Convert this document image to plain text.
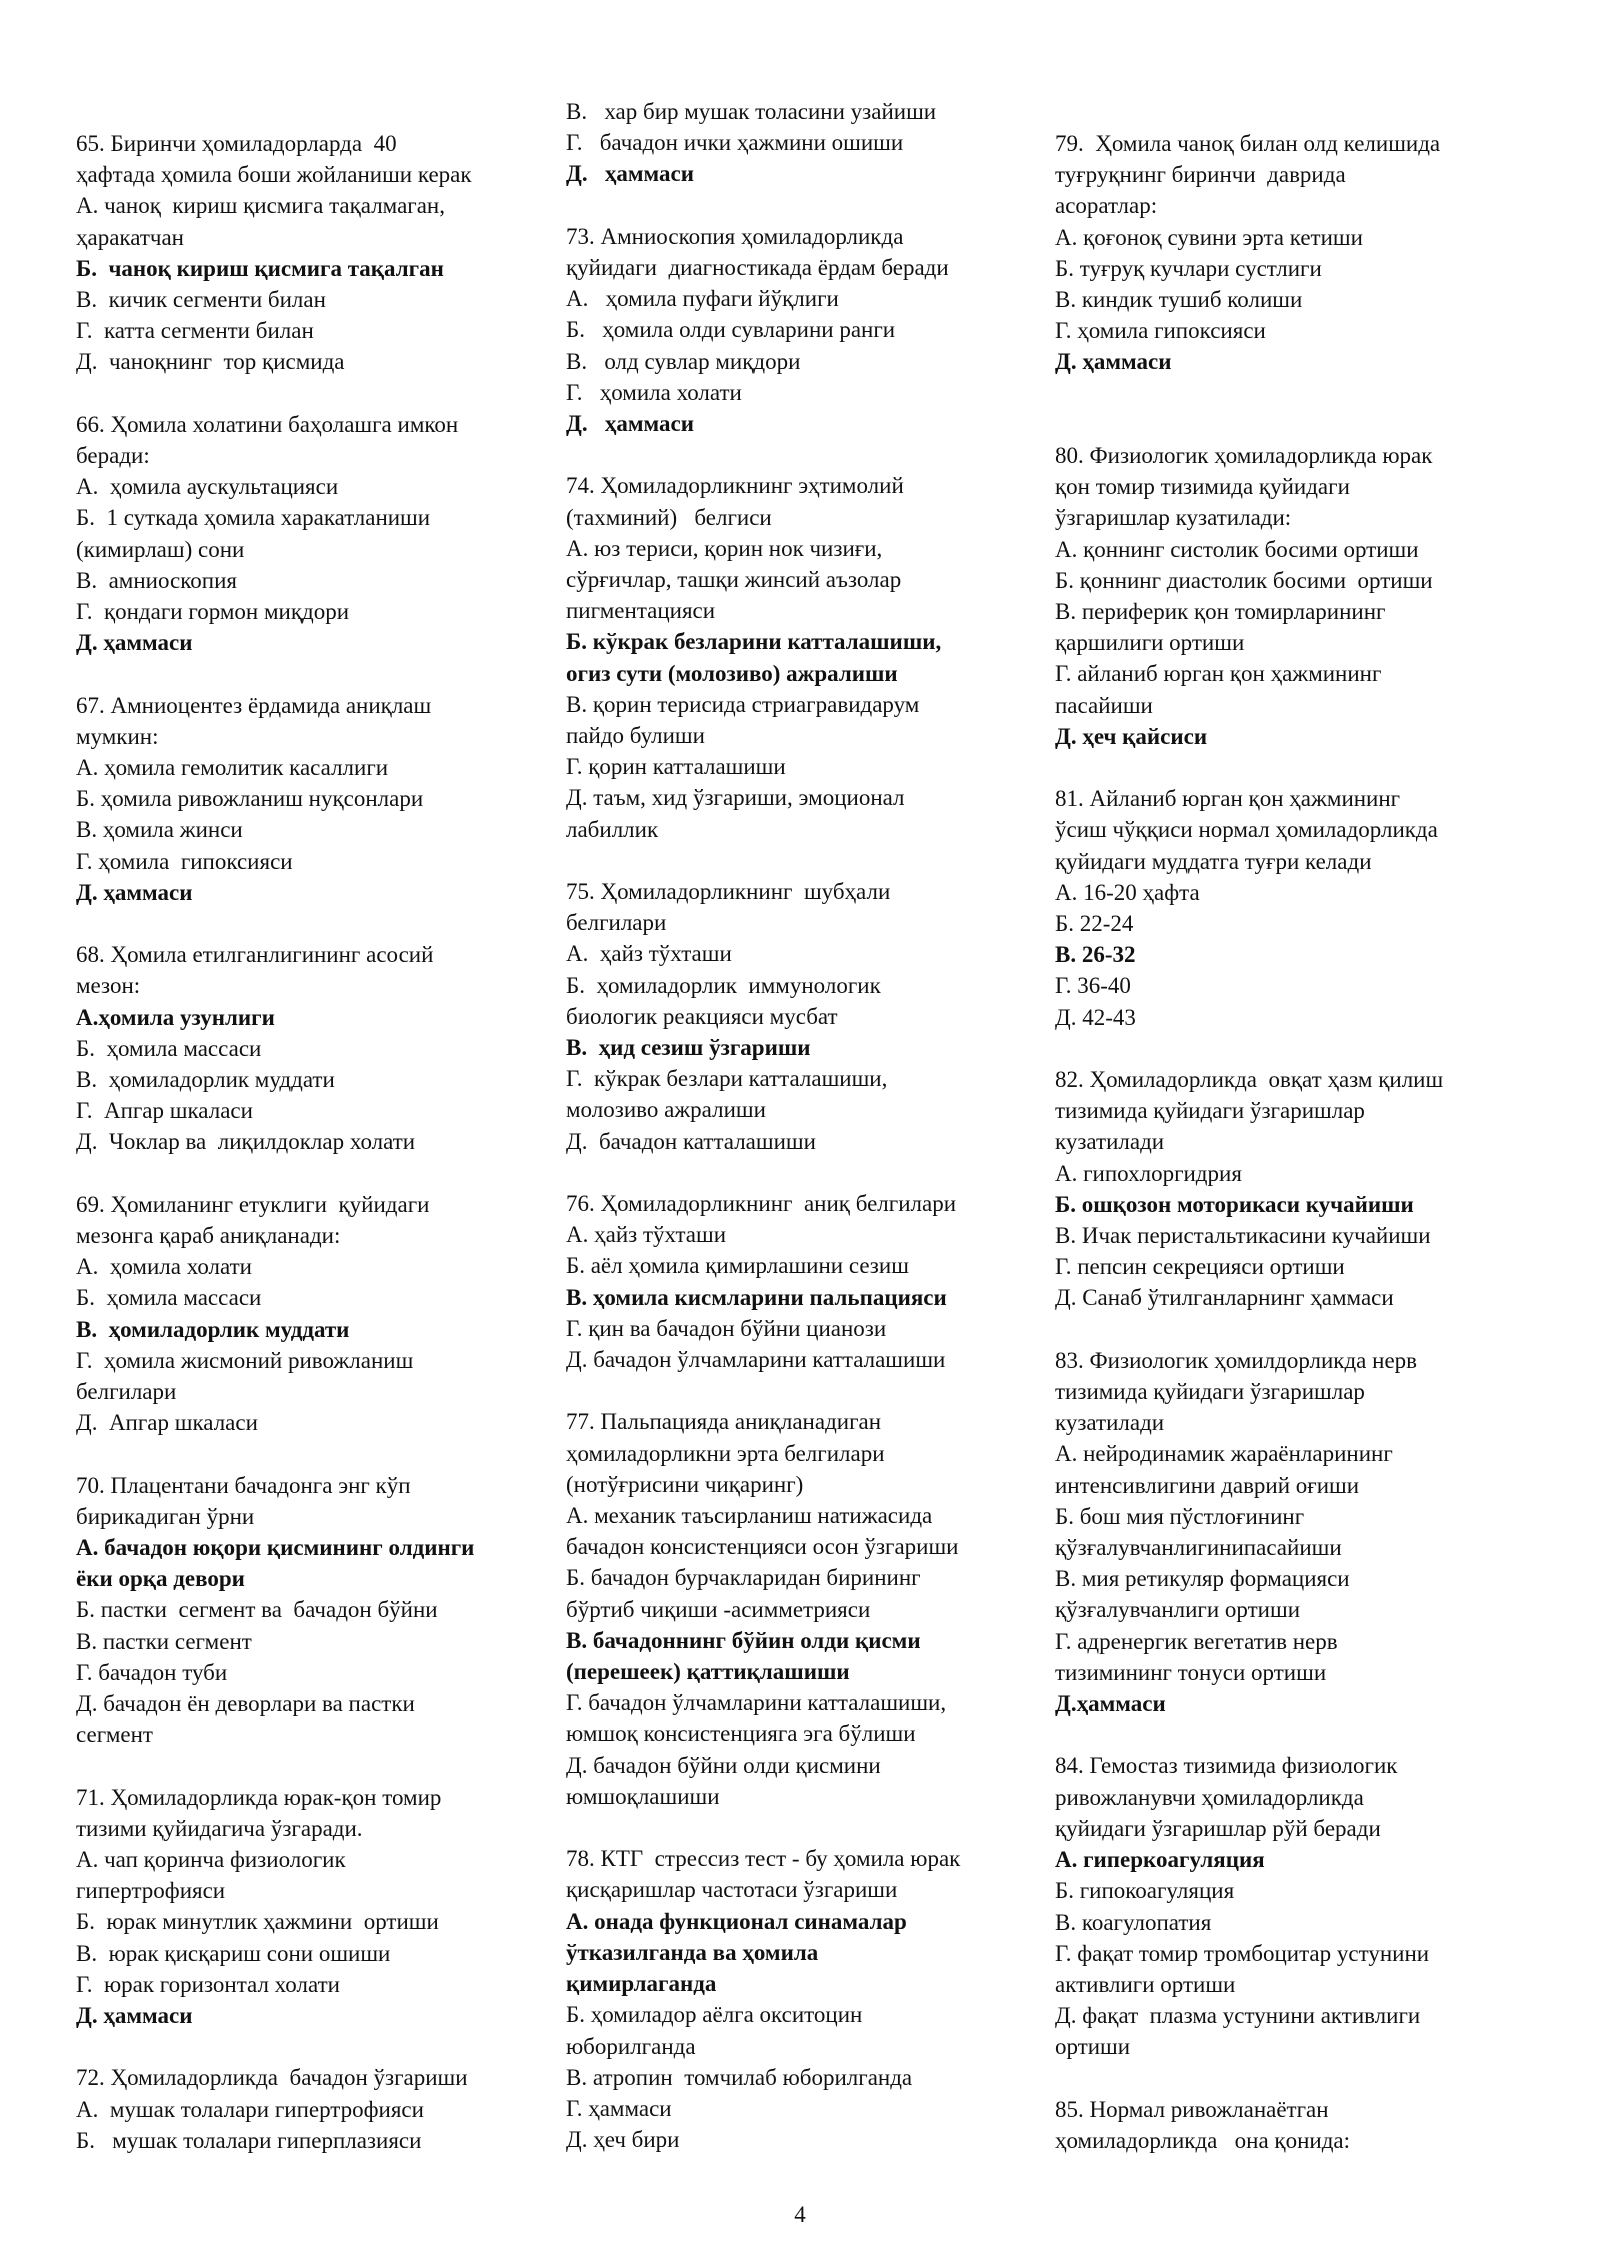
65. Биринчи ҳомиладорларда  40
ҳафтада ҳомила боши жойланиши керак
А. чаноқ  кириш қисмига тақалмаган,
ҳаракатчан
Б.  чаноқ кириш қисмига тақалган
В.  кичик сегменти билан
Г.  катта сегменти билан
Д.  чаноқнинг  тор қисмида
66. Ҳомила холатини баҳолашга имкон
беради:
А.  ҳомила аускультацияси
Б.  1 суткада ҳомила харакатланиши
(кимирлаш) сони
В.  амниоскопия
Г.  қондаги гормон миқдори
Д. ҳаммаси
67. Амниоцентез ёрдамида аниқлаш
мумкин:
А. ҳомила гемолитик касаллиги
Б. ҳомила ривожланиш нуқсонлари
В. ҳомила жинси
Г. ҳомила  гипоксияси
Д. ҳаммаси
68. Ҳомила етилганлигининг асосий
мезон:
А.ҳомила узунлиги
Б.  ҳомила массаси
В.  ҳомиладорлик муддати
Г.  Апгар шкаласи
Д.  Чоклар ва  лиқилдоклар холати
69. Ҳомиланинг етуклиги  қуйидаги
мезонга қараб аниқланади:
А.  ҳомила холати
Б.  ҳомила массаси
В.  ҳомиладорлик муддати
Г.  ҳомила жисмоний ривожланиш
белгилари
Д.  Апгар шкаласи
70. Плацентани бачадонга энг кўп
бирикадиган ўрни
А. бачадон юқори қисмининг олдинги
ёки орқа девори
Б. пастки  сегмент ва  бачадон бўйни
В. пастки сегмент
Г. бачадон туби
Д. бачадон ён деворлари ва пастки
сегмент
71. Ҳомиладорликда юрак-қон томир
тизими қуйидагича ўзгаради.
А. чап қоринча физиологик
гипертрофияси
Б.  юрак минутлик ҳажмини  ортиши
В.  юрак қисқариш сони ошиши
Г.  юрак горизонтал холати
Д. ҳаммаси
72. Ҳомиладорликда  бачадон ўзгариши
А.  мушак толалари гипертрофияси
Б.   мушак толалари гиперплазияси
В.   хар бир мушак толасини узайиши
Г.   бачадон ички ҳажмини ошиши
Д.   ҳаммаси
73. Амниоскопия ҳомиладорликда
қуйидаги  диагностикада ёрдам беради
А.   ҳомила пуфаги йўқлиги
Б.   ҳомила олди сувларини ранги
В.   олд сувлар миқдори
Г.   ҳомила холати
Д.   ҳаммаси
74. Ҳомиладорликнинг эҳтимолий
(тахминий)   белгиси
А. юз териси, қорин нок чизиғи,
сўрғичлар, ташқи жинсий аъзолар
пигментацияси
Б. кўкрак безларини катталашиши,
огиз сути (молозиво) ажралиши
В. қорин терисида стриагравидарум
пайдо булиши
Г. қорин катталашиши
Д. таъм, хид ўзгариши, эмоционал
лабиллик
75. Ҳомиладорликнинг  шубҳали
белгилари
А.  ҳайз тўхташи
Б.  ҳомиладорлик  иммунологик
биологик реакцияси мусбат
В.  ҳид сезиш ўзгариши
Г.  кўкрак безлари катталашиши,
молозиво ажралиши
Д.  бачадон катталашиши
76. Ҳомиладорликнинг  аниқ белгилари
А. ҳайз тўхташи
Б. аёл ҳомила қимирлашини сезиш
В. ҳомила кисмларини пальпацияси
Г. қин ва бачадон бўйни цианози
Д. бачадон ўлчамларини катталашиши
77. Пальпацияда аниқланадиган
ҳомиладорликни эрта белгилари
(нотўғрисини чиқаринг)
А. механик таъсирланиш натижасида
бачадон консистенцияси осон ўзгариши
Б. бачадон бурчакларидан бирининг
бўртиб чиқиши -асимметрияси
В. бачадоннинг бўйин олди қисми
(перешеек) қаттиқлашиши
Г. бачадон ўлчамларини катталашиши,
юмшоқ консистенцияга эга бўлиши
Д. бачадон бўйни олди қисмини
юмшоқлашиши
78. КТГ  стрессиз тест - бу ҳомила юрак
қисқаришлар частотаси ўзгариши
А. онада функционал синамалар
ўтказилганда ва ҳомила
қимирлаганда
Б. ҳомиладор аёлга окситоцин
юборилганда
В. атропин  томчилаб юборилганда
Г. ҳаммаси
Д. ҳеч бири
79.  Ҳомила чаноқ билан олд келишида
туғруқнинг биринчи  даврида
асоратлар:
А. қоғоноқ сувини эрта кетиши
Б. туғруқ кучлари сустлиги
В. киндик тушиб колиши
Г. ҳомила гипоксияси
Д. ҳаммаси
80. Физиологик ҳомиладорликда юрак
қон томир тизимида қуйидаги
ўзгаришлар кузатилади:
А. қоннинг систолик босими ортиши
Б. қоннинг диастолик босими  ортиши
В. периферик қон томирларининг
қаршилиги ортиши
Г. айланиб юрган қон ҳажмининг
пасайиши
Д. ҳеч қайсиси
81. Айланиб юрган қон ҳажмининг
ўсиш чўққиси нормал ҳомиладорликда
қуйидаги муддатга туғри келади
А. 16-20 ҳафта
Б. 22-24
В. 26-32
Г. 36-40
Д. 42-43
82. Ҳомиладорликда  овқат ҳазм қилиш
тизимида қуйидаги ўзгаришлар
кузатилади
А. гипохлоргидрия
Б. ошқозон моторикаси кучайиши
В. Ичак перистальтикасини кучайиши
Г. пепсин секрецияси ортиши
Д. Санаб ўтилганларнинг ҳаммаси
83. Физиологик ҳомилдорликда нерв
тизимида қуйидаги ўзгаришлар
кузатилади
А. нейродинамик жараёнларининг
интенсивлигини даврий оғиши
Б. бош мия пўстлоғининг
қўзғалувчанлигинипасайиши
В. мия ретикуляр формацияси
қўзғалувчанлиги ортиши
Г. адренергик вегетатив нерв
тизимининг тонуси ортиши
Д.ҳаммаси
84. Гемостаз тизимида физиологик
ривожланувчи ҳомиладорликда
қуйидаги ўзгаришлар рўй беради
А. гиперкоагуляция
Б. гипокоагуляция
В. коагулопатия
Г. фақат томир тромбоцитар устунини
активлиги ортиши
Д. фақат  плазма устунини активлиги
ортиши
85. Нормал ривожланаётган
ҳомиладорликда   она қонида:
4
